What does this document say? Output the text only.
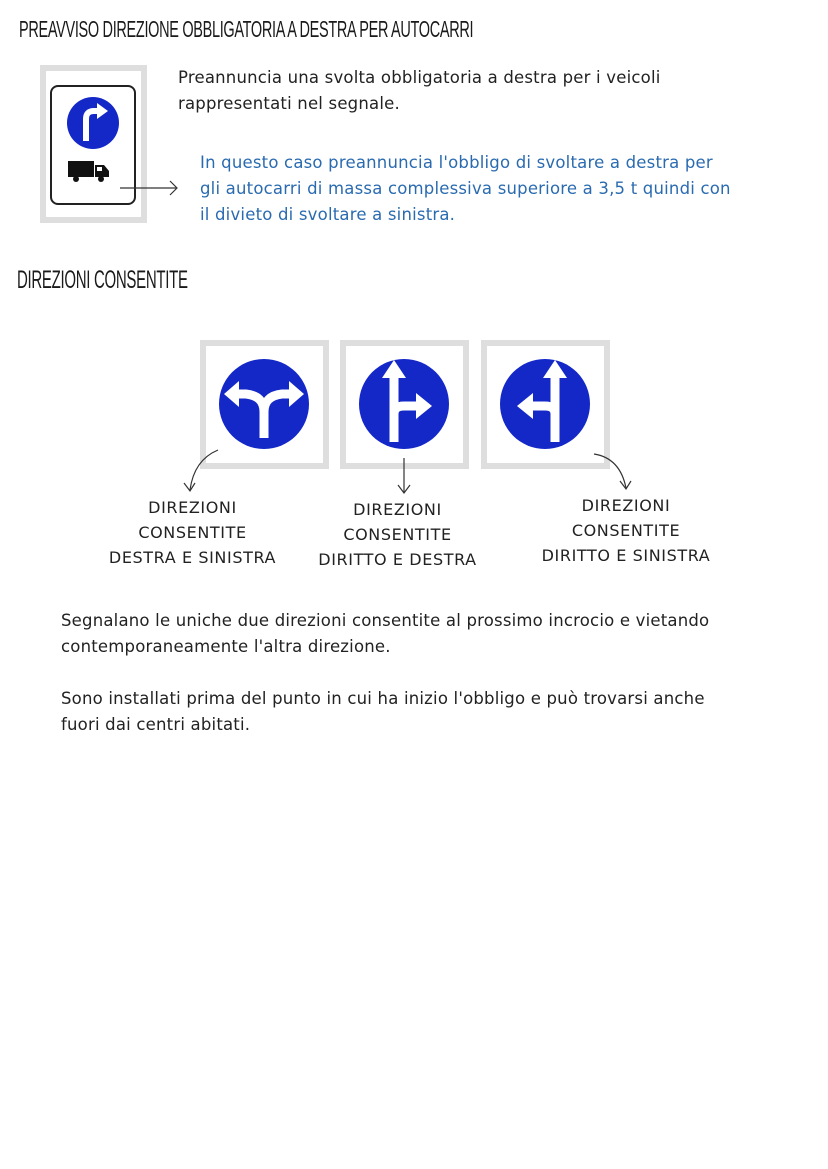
PREAVVISO DIREZIONE OBBLIGATORIA A DESTRA PER AUTOCARRI
Preannuncia una svolta obbligatoria a destra per i veicoli
rappresentati nel segnale.
In questo caso preannuncia l'obbligo di svoltare a destra per
gli autocarri di massa complessiva superiore a 3,5 t quindi con
il divieto di svoltare a sinistra.
DIREZIONI CONSENTITE
DIREZIONI
CONSENTITE
DESTRA E SINISTRA
DIREZIONI
CONSENTITE
DIRITTO E DESTRA
DIREZIONI
CONSENTITE
DIRITTO E SINISTRA
Segnalano le uniche due direzioni consentite al prossimo incrocio e vietando
contemporaneamente l'altra direzione.
Sono installati prima del punto in cui ha inizio l'obbligo e può trovarsi anche
fuori dai centri abitati.
